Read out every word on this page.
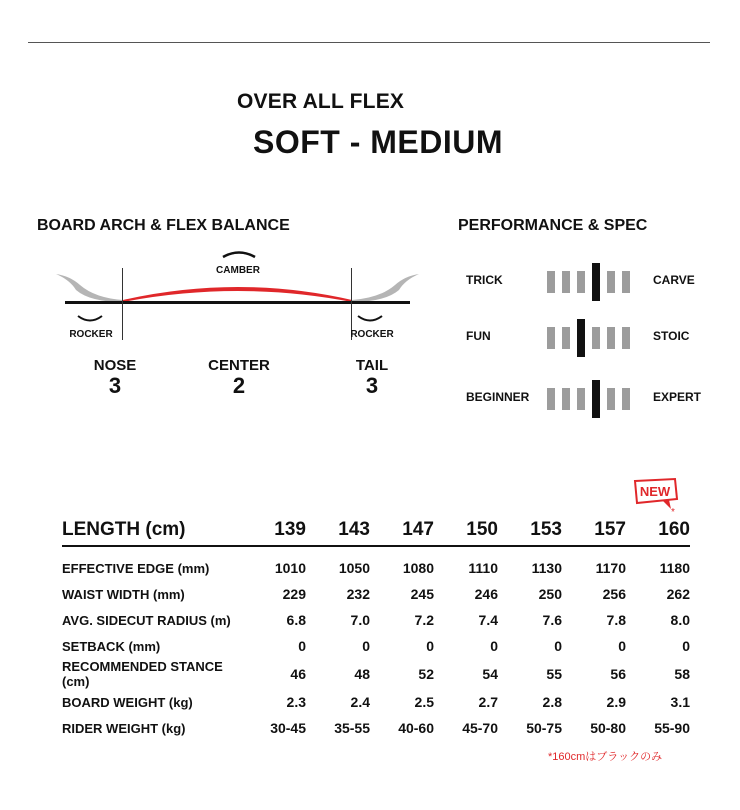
OVER ALL FLEX
SOFT - MEDIUM
BOARD ARCH & FLEX BALANCE
CAMBER
ROCKER	ROCKER
NOSE
3
CENTER
2
TAIL
3
PERFORMANCE & SPEC
TRICK	CARVE
FUN	STOIC
BEGINNER	EXPERT
NEW
*
LENGTH (cm)	139	143	147	150	153	157	160
EFFECTIVE EDGE (mm)	1010	1050	1080	1110	1130	1170	1180
WAIST WIDTH (mm)	229	232	245	246	250	256	262
AVG. SIDECUT RADIUS (m)	6.8	7.0	7.2	7.4	7.6	7.8	8.0
SETBACK (mm)	0	0	0	0	0	0	0
RECOMMENDED STANCE (cm)	46	48	52	54	55	56	58
BOARD WEIGHT (kg)	2.3	2.4	2.5	2.7	2.8	2.9	3.1
RIDER WEIGHT (kg)	30-45	35-55	40-60	45-70	50-75	50-80	55-90
*160cmはブラックのみ
